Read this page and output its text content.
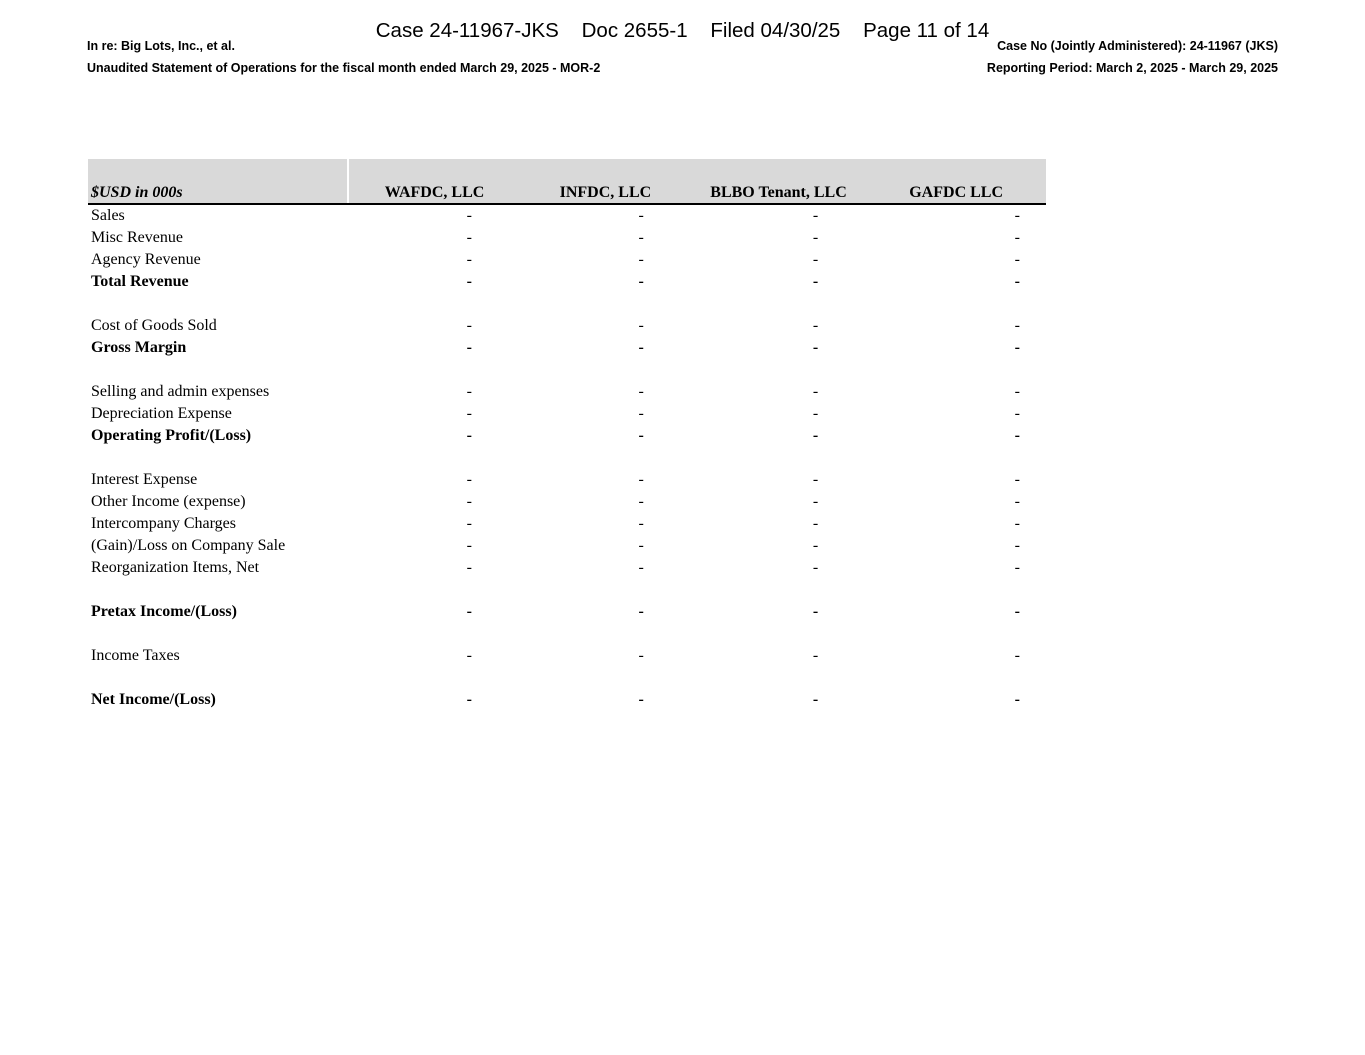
Case 24-11967-JKS    Doc 2655-1    Filed 04/30/25    Page 11 of 14
In re: Big Lots, Inc., et al.
Unaudited Statement of Operations for the fiscal month ended March 29, 2025 - MOR-2
Case No (Jointly Administered): 24-11967 (JKS)
Reporting Period: March 2, 2025 - March 29, 2025
$USD in 000s	WAFDC, LLC	INFDC, LLC	BLBO Tenant, LLC	GAFDC LLC
Sales	-	-	-	-
Misc Revenue	-	-	-	-
Agency Revenue	-	-	-	-
Total Revenue	-	-	-	-

Cost of Goods Sold	-	-	-	-
Gross Margin	-	-	-	-

Selling and admin expenses	-	-	-	-
Depreciation Expense	-	-	-	-
Operating Profit/(Loss)	-	-	-	-

Interest Expense	-	-	-	-
Other Income (expense)	-	-	-	-
Intercompany Charges	-	-	-	-
(Gain)/Loss on Company Sale	-	-	-	-
Reorganization Items, Net	-	-	-	-

Pretax Income/(Loss)	-	-	-	-

Income Taxes	-	-	-	-

Net Income/(Loss)	-	-	-	-
